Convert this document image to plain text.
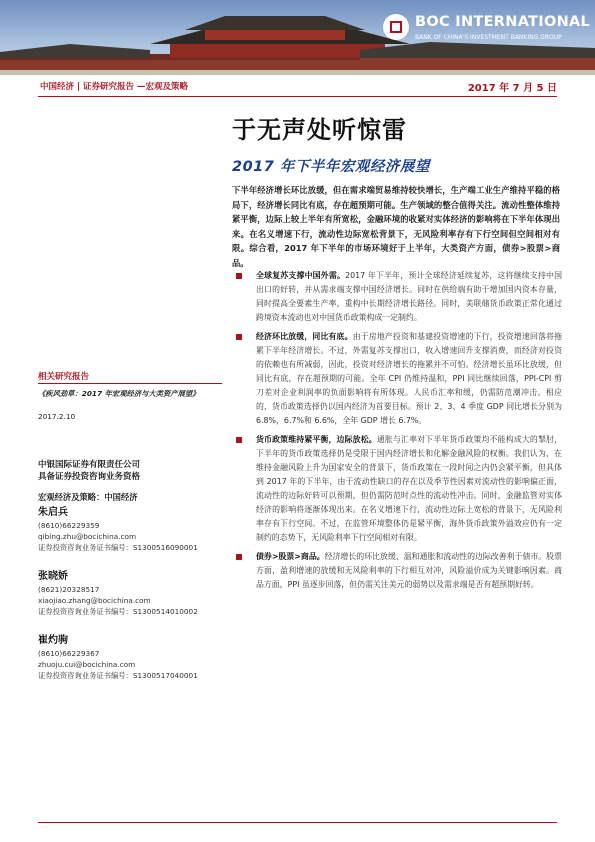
BOC INTERNATIONAL
BANK OF CHINA'S INVESTMENT BANKING GROUP
中国经济 | 证券研究报告 —宏观及策略	2017 年 7 月 5 日
于无声处听惊雷
2017 年下半年宏观经济展望

下半年经济增长环比放缓，但在需求端贸易维持较快增长，生产端工业生产维持平稳的格局下，经济增长同比有底，存在超预期可能。生产领域的整合值得关注。流动性整体维持紧平衡，边际上较上半年有所宽松，金融环境的收紧对实体经济的影响将在下半年体现出来。在名义增速下行，流动性边际宽松背景下，无风险利率存有下行空间但空间相对有限。综合看，2017 年下半年的市场环境好于上半年，大类资产方面，债券>股票>商品。

全球复苏支撑中国外需。2017 年下半年，预计全球经济延续复苏，这将继续支持中国出口的好转，并从需求端支撑中国经济增长。同时在供给端有助于增加国内资本存量，同时提高全要素生产率，重构中长期经济增长路径。同时，美联储货币政策正常化通过跨境资本流动也对中国货币政策构成一定制约。
经济环比放缓，同比有底。由于房地产投资和基建投资增速的下行，投资增速回落将拖累下半年经济增长。不过，外需复苏支撑出口，收入增速回升支撑消费，而经济对投资的依赖也有所减弱，因此，投资对经济增长的拖累并不可怕。经济增长虽环比放缓，但同比有底，存在超预期的可能。全年 CPI 仍维持温和，PPI 同比继续回落，PPI-CPI 剪刀差对企业利润率的负面影响将有所体现。人民币汇率和缓，仍需防范潮冲击。相应的，货币政策选择仍以国内经济为首要目标。预计 2、3、4 季度 GDP 同比增长分别为 6.8%，6.7%和 6.6%，全年 GDP 增长 6.7%。
货币政策维持紧平衡，边际放松。通胀与汇率对下半年货币政策均不能构成大的掣肘，下半年的货币政策选择仍是受限于国内经济增长和化解金融风险的权衡。我们认为，在维持金融风险上升为国家安全的背景下，货币政策在一段时间之内仍会紧平衡，但具体到 2017 年的下半年，由于流动性缺口的存在以及季节性因素对流动性的影响偏正面，流动性的边际好转可以预期，但仍需防范时点性的流动性冲击。同时，金融监管对实体经济的影响将逐渐体现出来。在名义增速下行，流动性边际上宽松的背景下，无风险利率存有下行空间。不过，在监管环境整体仍是紧平衡，海外货币政策外溢效应仍有一定制约的态势下，无风险利率下行空间相对有限。
债券>股票>商品。经济增长的环比放缓、温和通胀和流动性的边际改善利于债市。股票方面，盈利增速的放缓和无风险利率的下行相互对冲，风险溢价成为关键影响因素。商品方面，PPI 虽逐步回落，但仍需关注美元的弱势以及需求端是否有超预期好转。
相关研究报告
《疾风劲草：2017 年宏观经济与大类资产展望》
2017.2.10
中银国际证券有限责任公司
具备证券投资咨询业务资格
宏观经济及策略：中国经济
朱启兵
(8610)66229359
qibing.zhu@bocichina.com
证券投资咨询业务证书编号：S1300516090001
张晓娇
(8621)20328517
xiaojiao.zhang@bocichina.com
证券投资咨询业务证书编号：S1300514010002
崔灼驹
(8610)66229367
zhuoju.cui@bocichina.com
证券投资咨询业务证书编号：S1300517040001
